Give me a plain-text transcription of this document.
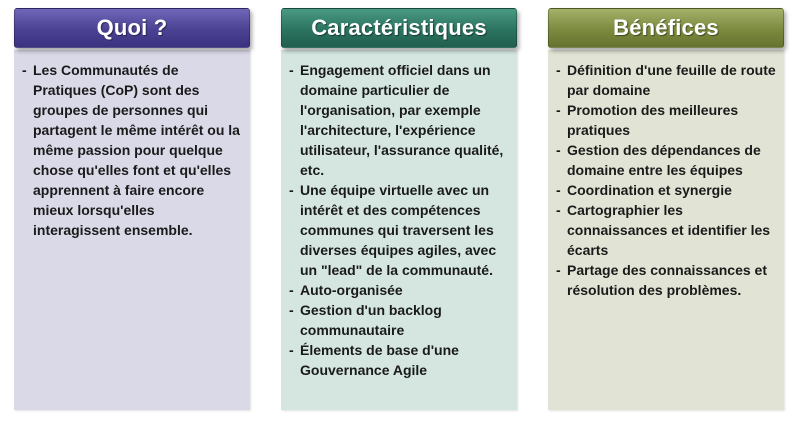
Quoi ?
- Les Communautés de Pratiques (CoP) sont des groupes de personnes qui partagent le même intérêt ou la même passion pour quelque chose qu'elles font et qu'elles apprennent à faire encore mieux lorsqu'elles interagissent ensemble.
Caractéristiques
- Engagement officiel dans un domaine particulier de l'organisation, par exemple l'architecture, l'expérience utilisateur, l'assurance qualité, etc.
- Une équipe virtuelle avec un intérêt et des compétences communes qui traversent les diverses équipes agiles, avec un "lead" de la communauté.
- Auto-organisée
- Gestion d'un backlog communautaire
- Élements de base d'une Gouvernance Agile
Bénéfices
- Définition d'une feuille de route par domaine
- Promotion des meilleures pratiques
- Gestion des dépendances de domaine entre les équipes
- Coordination et synergie
- Cartographier les connaissances et identifier les écarts
- Partage des connaissances et résolution des problèmes.
